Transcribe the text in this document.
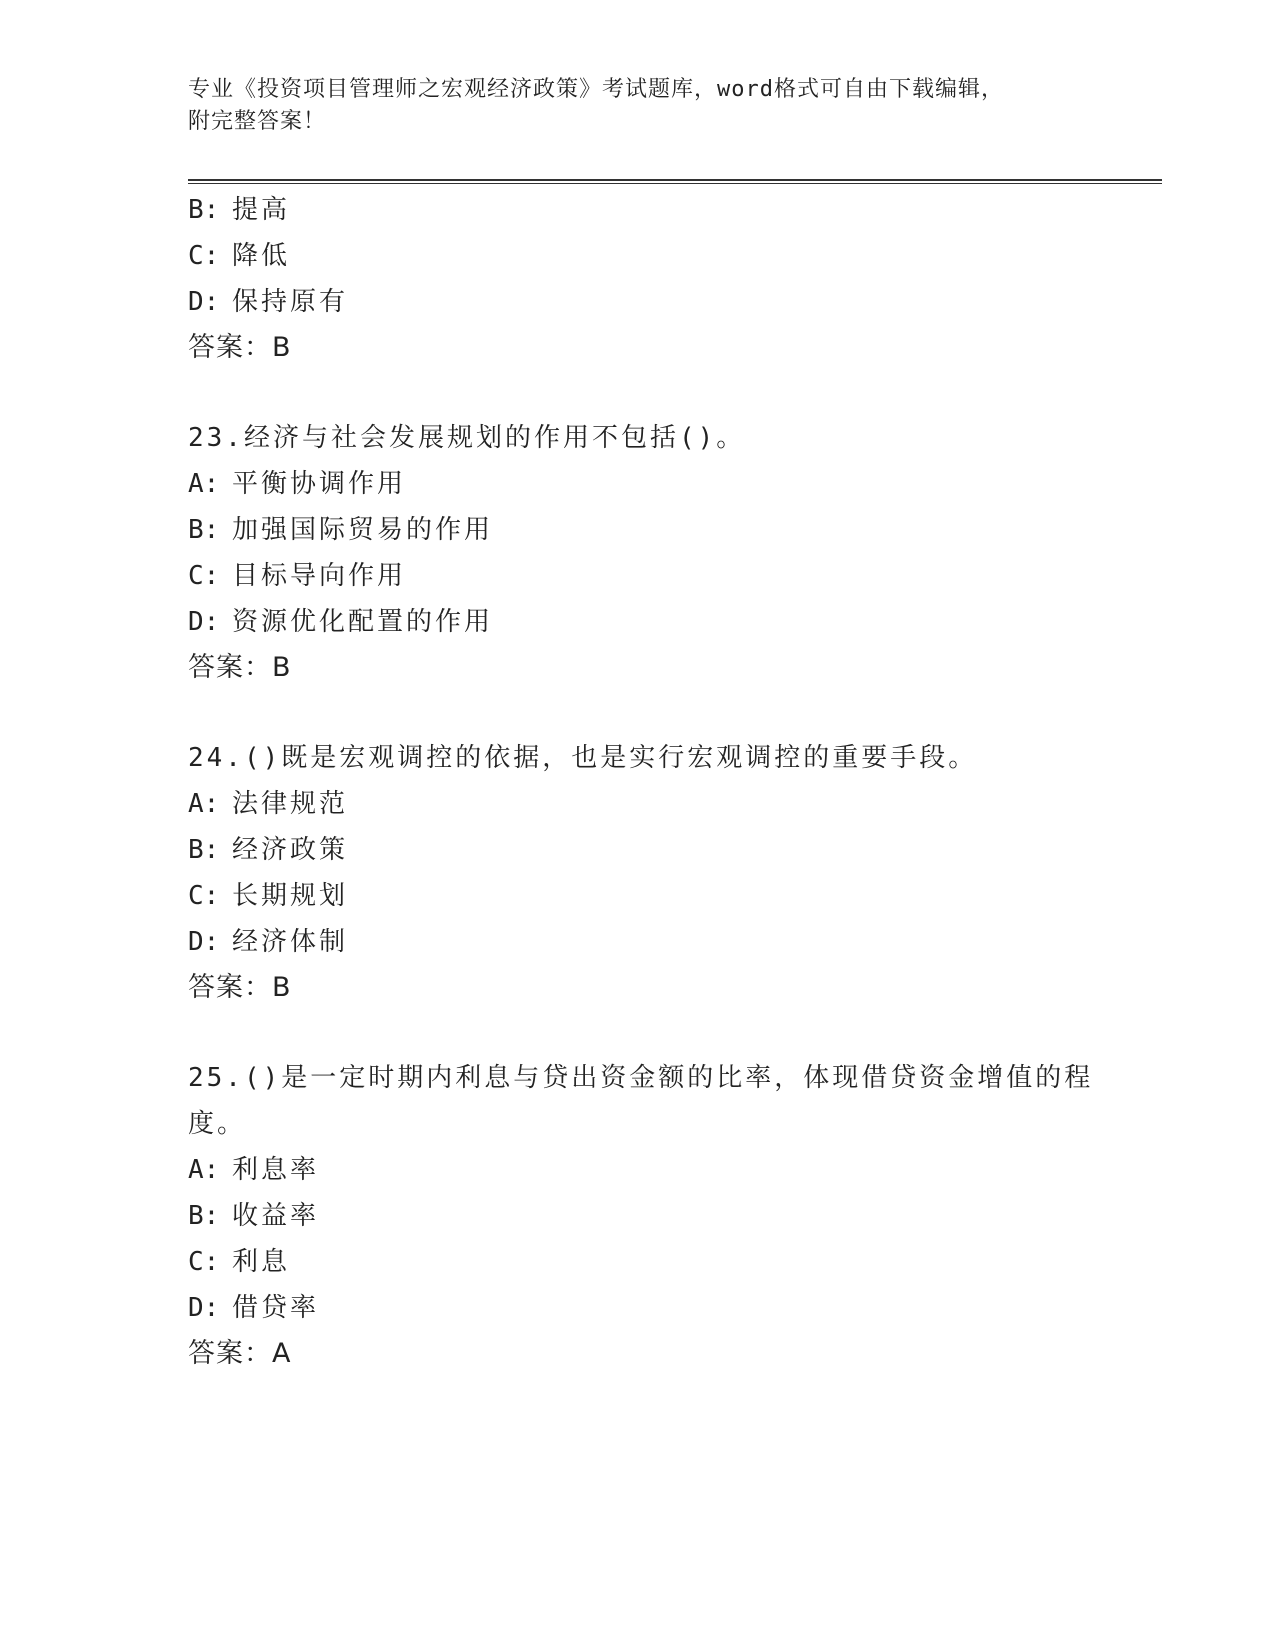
专业《投资项目管理师之宏观经济政策》考试题库，word格式可自由下载编辑，
附完整答案！
B: 提高
C: 降低
D: 保持原有
答案：B
23.经济与社会发展规划的作用不包括()。
A: 平衡协调作用
B: 加强国际贸易的作用
C: 目标导向作用
D: 资源优化配置的作用
答案：B
24.()既是宏观调控的依据，也是实行宏观调控的重要手段。
A: 法律规范
B: 经济政策
C: 长期规划
D: 经济体制
答案：B
25.()是一定时期内利息与贷出资金额的比率，体现借贷资金增值的程
度。
A: 利息率
B: 收益率
C: 利息
D: 借贷率
答案：A
